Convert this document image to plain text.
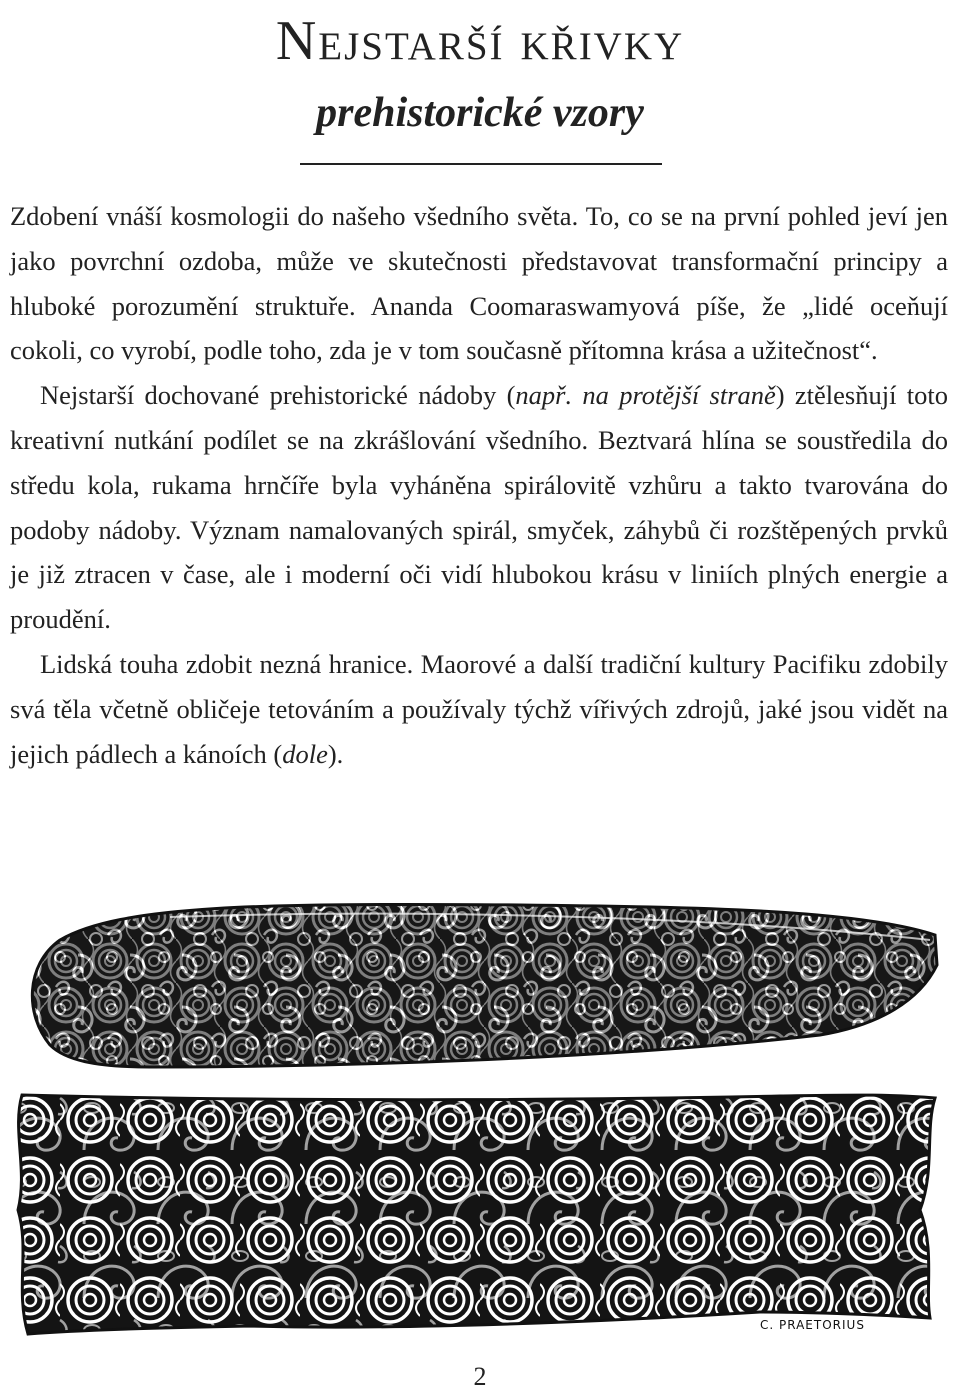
Nejstarší křivky
prehistorické vzory

Zdobení vnáší kosmologii do našeho všedního světa. To, co se na první pohled jeví jen jako povrchní ozdoba, může ve skutečnosti představovat transformační principy a hluboké porozumění struktuře. Ananda Coomaraswamyová píše, že „lidé oceňují cokoli, co vyrobí, podle toho, zda je v tom současně přítomna krása a užitečnost“.

Nejstarší dochované prehistorické nádoby (např. na protější straně) ztělesňují toto kreativní nutkání podílet se na zkrášlování všedního. Beztvará hlína se soustředila do středu kola, rukama hrnčíře byla vyháněna spirálovitě vzhůru a takto tvarována do podoby nádoby. Význam namalovaných spirál, smyček, záhybů či rozštěpených prvků je již ztracen v čase, ale i moderní oči vidí hlubokou krásu v liniích plných energie a proudění.

Lidská touha zdobit nezná hranice. Maorové a další tradiční kultury Pacifiku zdobily svá těla včetně obličeje tetováním a používaly týchž vířivých zdrojů, jaké jsou vidět na jejich pádlech a kánoích (dole).

C. PRAETORIUS
2
